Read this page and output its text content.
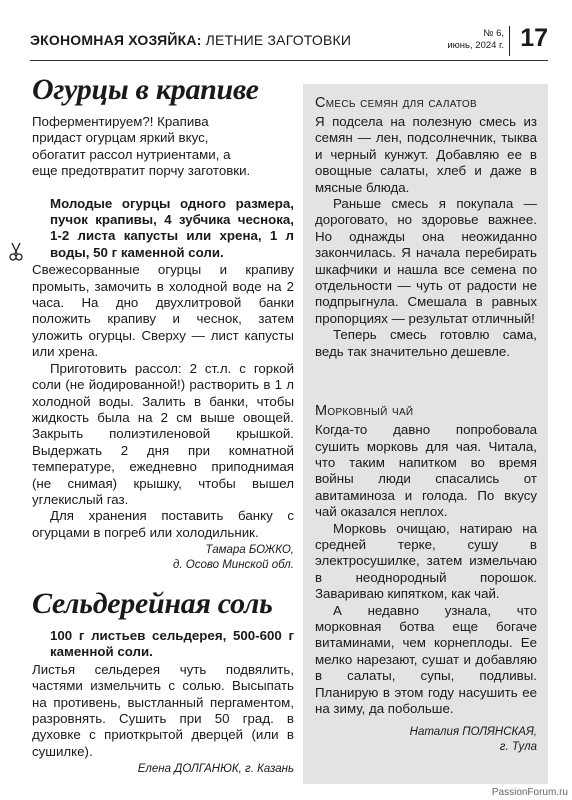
ЭКОНОМНАЯ ХОЗЯЙКА: ЛЕТНИЕ ЗАГОТОВКИ	№ 6,
июнь, 2024 г. 17
Огурцы в крапиве
Поферментируем?! Крапива придаст огурцам яркий вкус, обогатит рассол нутриентами, а еще предотвратит порчу заготовки.
Молодые огурцы одного размера, пучок крапивы, 4 зубчика чеснока, 1-2 листа капусты или хрена, 1 л воды, 50 г каменной соли.
Свежесорванные огурцы и крапиву промыть, замочить в холодной воде на 2 часа. На дно двухлитровой банки положить крапиву и чеснок, затем уложить огурцы. Сверху — лист капусты или хрена.
Приготовить рассол: 2 ст.л. с горкой соли (не йодированной!) растворить в 1 л холодной воды. Залить в банки, чтобы жидкость была на 2 см выше овощей. Закрыть полиэтиленовой крышкой. Выдержать 2 дня при комнатной температуре, ежедневно приподнимая (не снимая) крышку, чтобы вышел углекислый газ.
Для хранения поставить банку с огурцами в погреб или холодильник.
Тамара БОЖКО,
д. Осово Минской обл.
Сельдерейная соль
100 г листьев сельдерея, 500-600 г каменной соли.
Листья сельдерея чуть подвялить, частями измельчить с солью. Высыпать на противень, выстланный пергаментом, разровнять. Сушить при 50 град. в духовке с приоткрытой дверцей (или в сушилке).
Елена ДОЛГАНЮК, г. Казань
Смесь семян для салатов
Я подсела на полезную смесь из семян — лен, подсолнечник, тыква и черный кунжут. Добавляю ее в овощные салаты, хлеб и даже в мясные блюда.
Раньше смесь я покупала — дороговато, но здоровье важнее. Но однажды она неожиданно закончилась. Я начала перебирать шкафчики и нашла все семена по отдельности — чуть от радости не подпрыгнула. Смешала в равных пропорциях — результат отличный!
Теперь смесь готовлю сама, ведь так значительно дешевле.
Морковный чай
Когда-то давно попробовала сушить морковь для чая. Читала, что таким напитком во время войны люди спасались от авитаминоза и голода. По вкусу чай оказался неплох.
Морковь очищаю, натираю на средней терке, сушу в электросушилке, затем измельчаю в неоднородный порошок. Завариваю кипятком, как чай.
А недавно узнала, что морковная ботва еще богаче витаминами, чем корнеплоды. Ее мелко нарезают, сушат и добавляю в салаты, супы, подливы. Планирую в этом году насушить ее на зиму, да побольше.
Наталия ПОЛЯНСКАЯ,
г. Тула
PassionForum.ru
